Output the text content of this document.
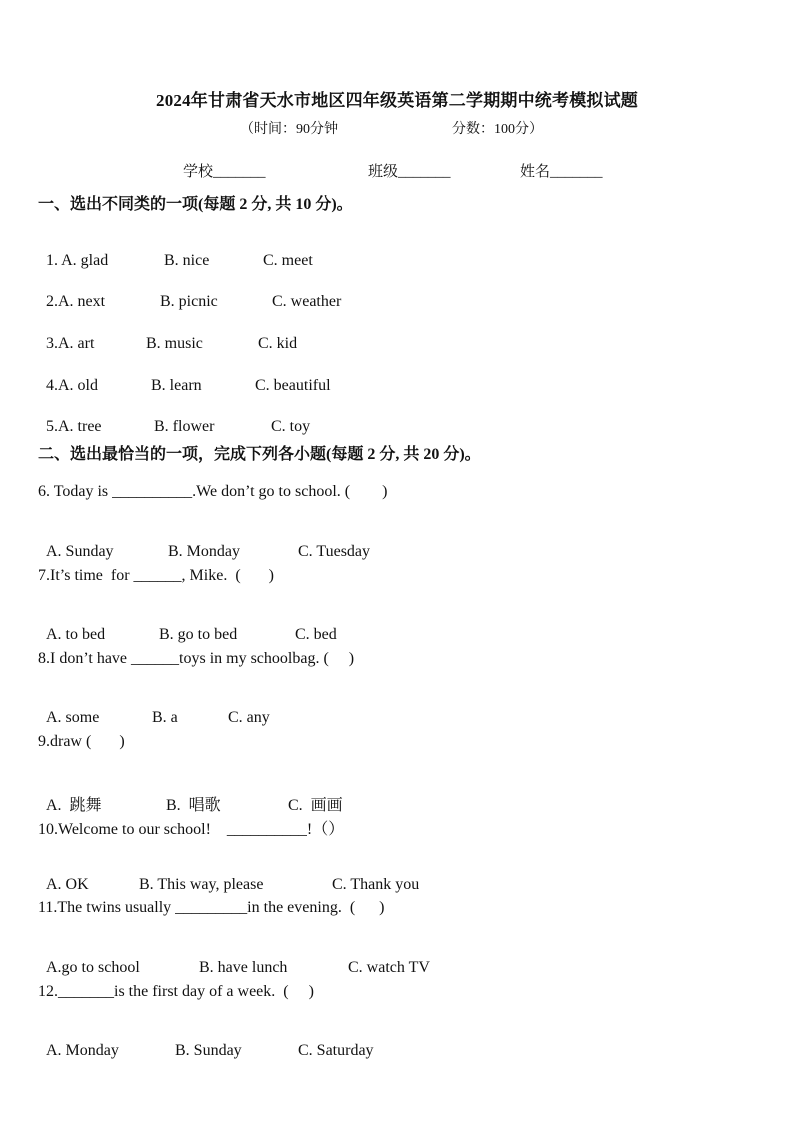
2024年甘肃省天水市地区四年级英语第二学期期中统考模拟试题
（时间：90分钟	分数：100分）
学校_______	班级_______	姓名_______
一、选出不同类的一项(每题 2 分, 共 10 分)。

1. A. glad	B. nice	C. meet

2.A. next	B. picnic	C. weather

3.A. art	B. music	C. kid

4.A. old	B. learn	C. beautiful

5.A. tree	B. flower	C. toy

二、选出最恰当的一项，完成下列各小题(每题 2 分, 共 20 分)。
6. Today is __________.We don’t go to school. (        )

A. Sunday	B. Monday	C. Tuesday

7.It’s time  for ______, Mike.  (       )

A. to bed	B. go to bed	C. bed

8.I don’t have ______toys in my schoolbag. (     )

A. some	B. a	C. any

9.draw (       )

A.  跳舞	B.  唱歌	C.  画画

10.Welcome to our school!    __________!（）

A. OK	B. This way, please	C. Thank you

11.The twins usually _________in the evening.  (      )

A.go to school	B. have lunch	C. watch TV

12._______is the first day of a week.  (     )

A. Monday	B. Sunday	C. Saturday
